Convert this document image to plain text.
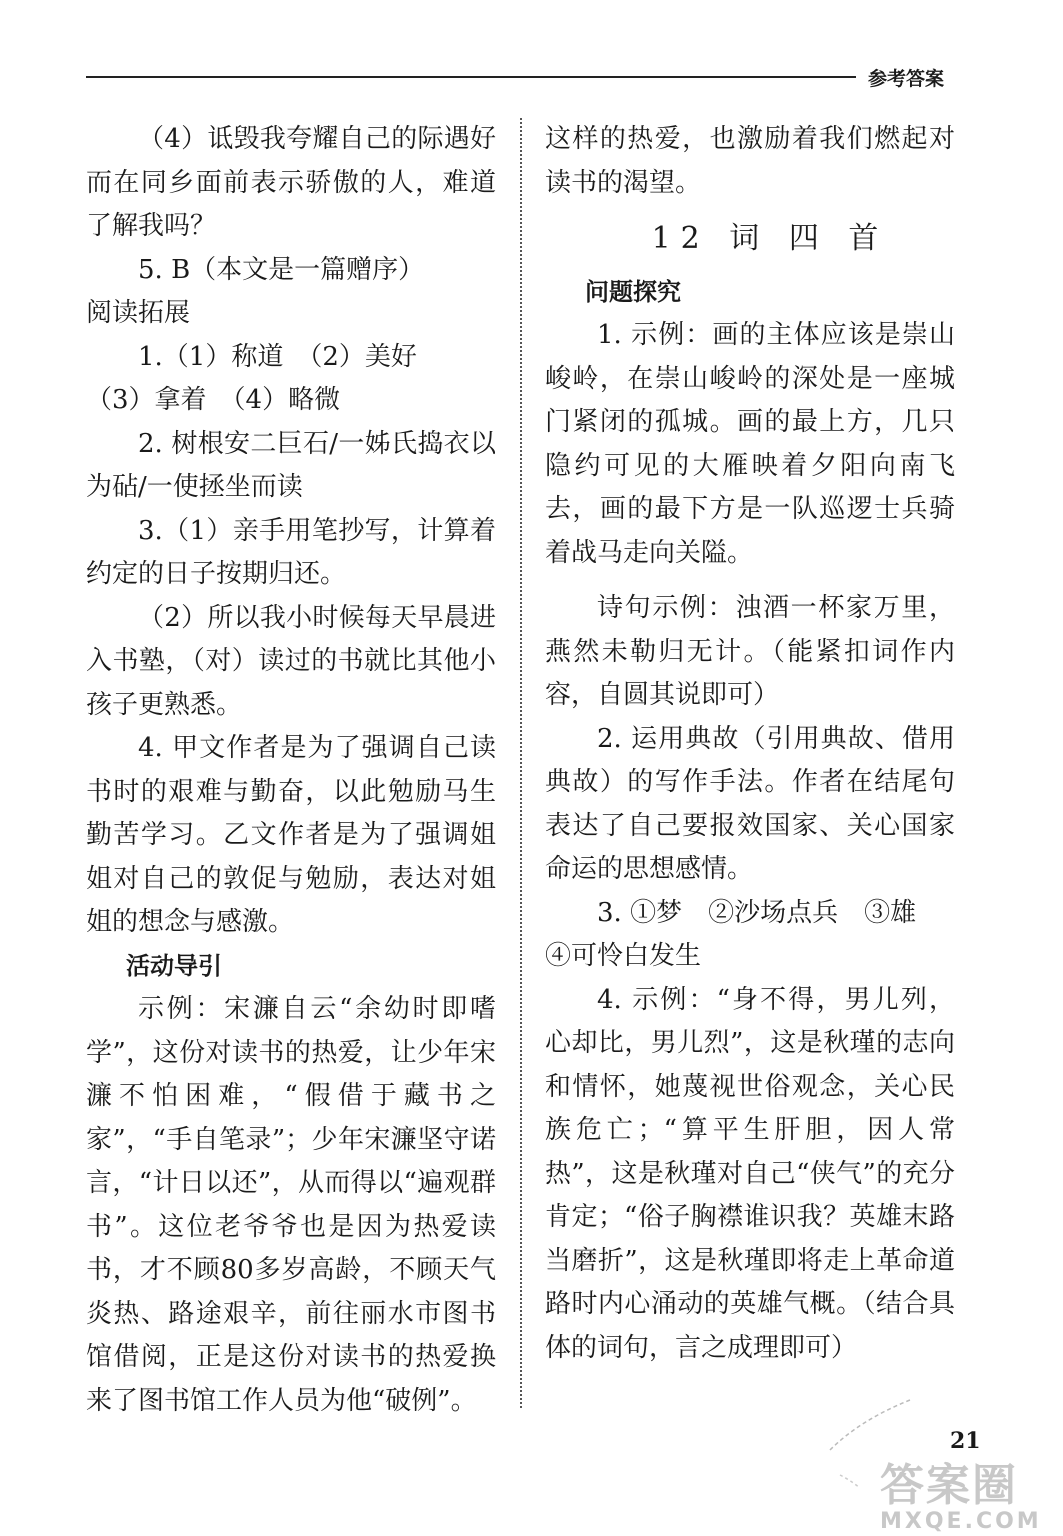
参考答案

（4）诋毁我夸耀自己的际遇好而在同乡面前表示骄傲的人，难道了解我吗？

5. B（本文是一篇赠序）

阅读拓展

1.（1）称道　（2）美好

（3）拿着　（4）略微

2. 树根安二巨石/一姊氏捣衣以为砧/一使拯坐而读

3.（1）亲手用笔抄写，计算着约定的日子按期归还。

（2）所以我小时候每天早晨进入书塾，（对）读过的书就比其他小孩子更熟悉。

4. 甲文作者是为了强调自己读书时的艰难与勤奋，以此勉励马生勤苦学习。乙文作者是为了强调姐姐对自己的敦促与勉励，表达对姐姐的想念与感激。

活动导引

示例：宋濂自云“余幼时即嗜学”，这份对读书的热爱，让少年宋濂不怕困难，“假借于藏书之家”，“手自笔录”；少年宋濂坚守诺言，“计日以还”，从而得以“遍观群书”。这位老爷爷也是因为热爱读书，才不顾80多岁高龄，不顾天气炎热、路途艰辛，前往丽水市图书馆借阅，正是这份对读书的热爱换来了图书馆工作人员为他“破例”。

这样的热爱，也激励着我们燃起对读书的渴望。

12 词 四 首

问题探究

1. 示例：画的主体应该是崇山峻岭，在崇山峻岭的深处是一座城门紧闭的孤城。画的最上方，几只隐约可见的大雁映着夕阳向南飞去，画的最下方是一队巡逻士兵骑着战马走向关隘。

诗句示例：浊酒一杯家万里，燕然未勒归无计。（能紧扣词作内容，自圆其说即可）

2. 运用典故（引用典故、借用典故）的写作手法。作者在结尾句表达了自己要报效国家、关心国家命运的思想感情。

3. ①梦　②沙场点兵　③雄

④可怜白发生

4. 示例：“身不得，男儿列，心却比，男儿烈”，这是秋瑾的志向和情怀，她蔑视世俗观念，关心民族危亡；“算平生肝胆，因人常热”，这是秋瑾对自己“侠气”的充分肯定；“俗子胸襟谁识我？英雄末路当磨折”，这是秋瑾即将走上革命道路时内心涌动的英雄气概。（结合具体的词句，言之成理即可）

21
答案圈
MXQE.COM
